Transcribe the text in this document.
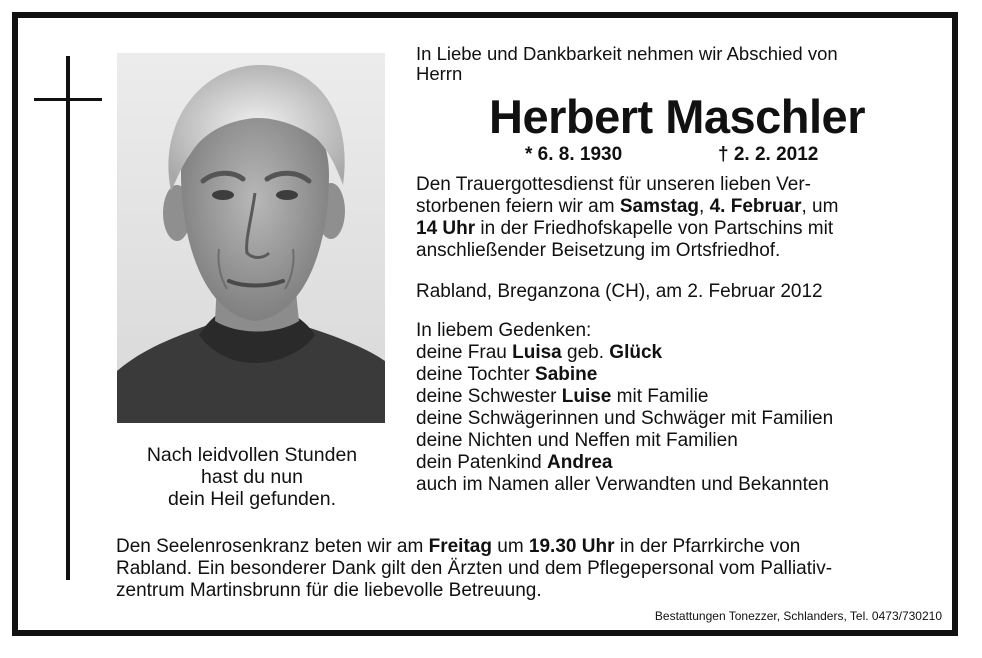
Nach leidvollen Stunden
hast du nun
dein Heil gefunden.
In Liebe und Dankbarkeit nehmen wir Abschied von
Herrn
Herbert Maschler
* 6. 8. 1930	† 2. 2. 2012
Den Trauergottesdienst für unseren lieben Ver-
storbenen feiern wir am Samstag, 4. Februar, um
14 Uhr in der Friedhofskapelle von Partschins mit
anschließender Beisetzung im Ortsfriedhof.
Rabland, Breganzona (CH), am 2. Februar 2012
In liebem Gedenken:
deine Frau Luisa geb. Glück
deine Tochter Sabine
deine Schwester Luise mit Familie
deine Schwägerinnen und Schwäger mit Familien
deine Nichten und Neffen mit Familien
dein Patenkind Andrea
auch im Namen aller Verwandten und Bekannten
Den Seelenrosenkranz beten wir am Freitag um 19.30 Uhr in der Pfarrkirche von
Rabland. Ein besonderer Dank gilt den Ärzten und dem Pflegepersonal vom Palliativ-
zentrum Martinsbrunn für die liebevolle Betreuung.
Bestattungen Tonezzer, Schlanders, Tel. 0473/730210
